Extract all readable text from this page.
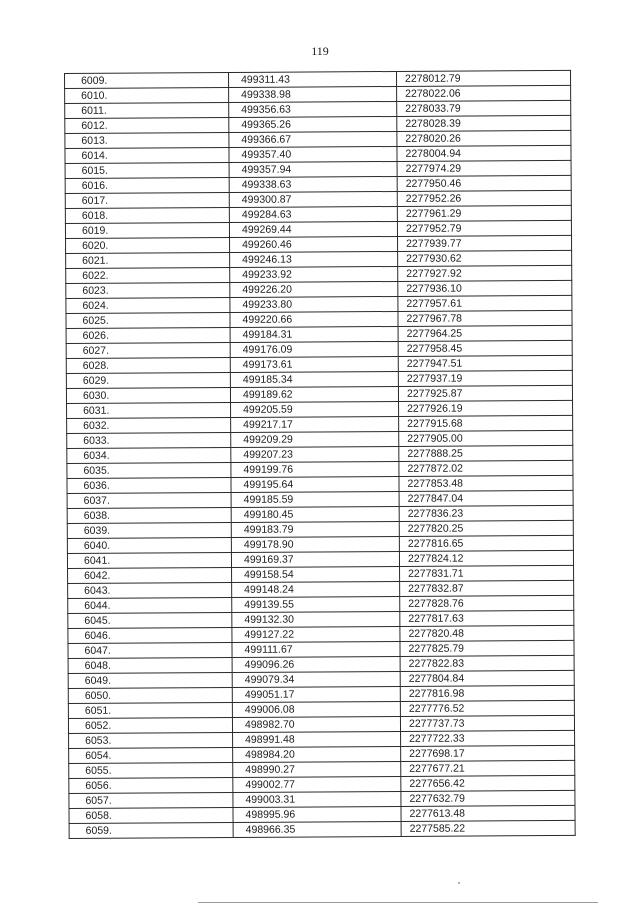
119
6009.	499311.43	2278012.79
6010.	499338.98	2278022.06
6011.	499356.63	2278033.79
6012.	499365.26	2278028.39
6013.	499366.67	2278020.26
6014.	499357.40	2278004.94
6015.	499357.94	2277974.29
6016.	499338.63	2277950.46
6017.	499300.87	2277952.26
6018.	499284.63	2277961.29
6019.	499269.44	2277952.79
6020.	499260.46	2277939.77
6021.	499246.13	2277930.62
6022.	499233.92	2277927.92
6023.	499226.20	2277936.10
6024.	499233.80	2277957.61
6025.	499220.66	2277967.78
6026.	499184.31	2277964.25
6027.	499176.09	2277958.45
6028.	499173.61	2277947.51
6029.	499185.34	2277937.19
6030.	499189.62	2277925.87
6031.	499205.59	2277926.19
6032.	499217.17	2277915.68
6033.	499209.29	2277905.00
6034.	499207.23	2277888.25
6035.	499199.76	2277872.02
6036.	499195.64	2277853.48
6037.	499185.59	2277847.04
6038.	499180.45	2277836.23
6039.	499183.79	2277820.25
6040.	499178.90	2277816.65
6041.	499169.37	2277824.12
6042.	499158.54	2277831.71
6043.	499148.24	2277832.87
6044.	499139.55	2277828.76
6045.	499132.30	2277817.63
6046.	499127.22	2277820.48
6047.	499111.67	2277825.79
6048.	499096.26	2277822.83
6049.	499079.34	2277804.84
6050.	499051.17	2277816.98
6051.	499006.08	2277776.52
6052.	498982.70	2277737.73
6053.	498991.48	2277722.33
6054.	498984.20	2277698.17
6055.	498990.27	2277677.21
6056.	499002.77	2277656.42
6057.	499003.31	2277632.79
6058.	498995.96	2277613.48
6059.	498966.35	2277585.22
